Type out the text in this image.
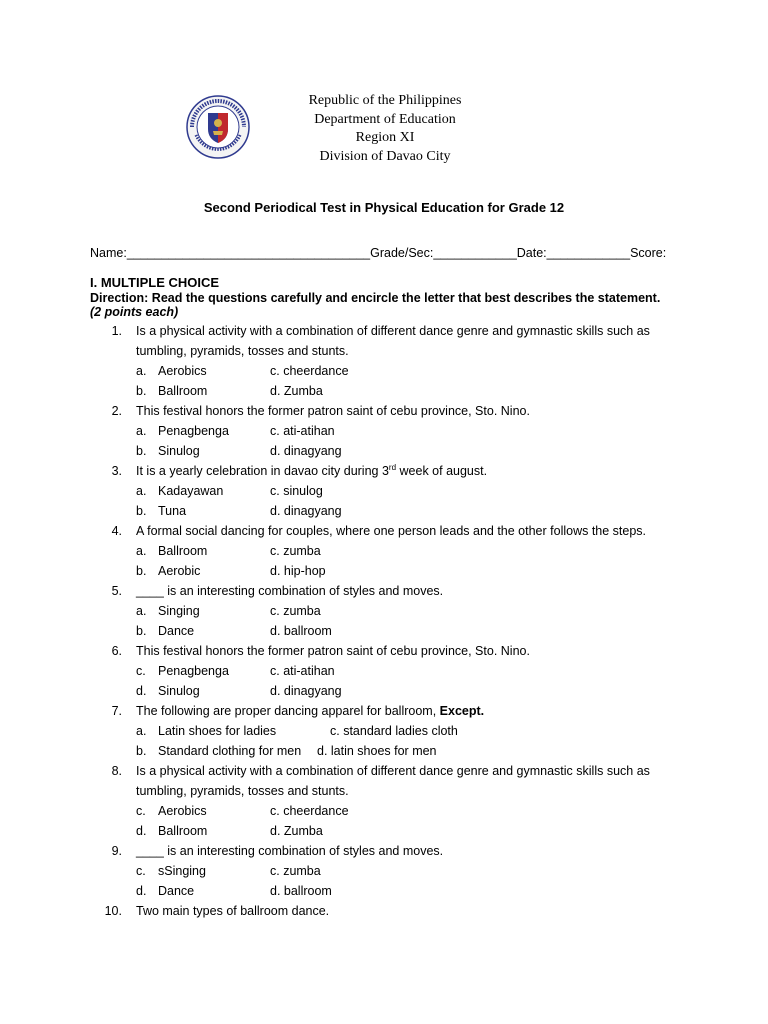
Republic of the Philippines
Department of Education
Region XI
Division of Davao City
Second Periodical Test in Physical Education for Grade 12
Name:___________________________________Grade/Sec:____________Date:____________Score:
I. MULTIPLE CHOICE
Direction: Read the questions carefully and encircle the letter that best describes the statement.
(2 points each)
1. Is a physical activity with a combination of different dance genre and gymnastic skills such as
tumbling, pyramids, tosses and stunts.
a. Aerobics	c. cheerdance
b. Ballroom	d. Zumba
2. This festival honors the former patron saint of cebu province, Sto. Nino.
a. Penagbenga	c. ati-atihan
b. Sinulog	d. dinagyang
3. It is a yearly celebration in davao city during 3rd week of august.
a. Kadayawan	c. sinulog
b. Tuna	d. dinagyang
4. A formal social dancing for couples, where one person leads and the other follows the steps.
a. Ballroom	c. zumba
b. Aerobic	d. hip-hop
5. ____ is an interesting combination of styles and moves.
a. Singing	c. zumba
b. Dance	d. ballroom
6. This festival honors the former patron saint of cebu province, Sto. Nino.
c. Penagbenga	c. ati-atihan
d. Sinulog	d. dinagyang
7. The following are proper dancing apparel for ballroom, Except.
a. Latin shoes for ladies	c. standard ladies cloth
b. Standard clothing for men d. latin shoes for men
8. Is a physical activity with a combination of different dance genre and gymnastic skills such as
tumbling, pyramids, tosses and stunts.
c. Aerobics	c. cheerdance
d. Ballroom	d. Zumba
9. ____ is an interesting combination of styles and moves.
c. sSinging	c. zumba
d. Dance	d. ballroom
10. Two main types of ballroom dance.
